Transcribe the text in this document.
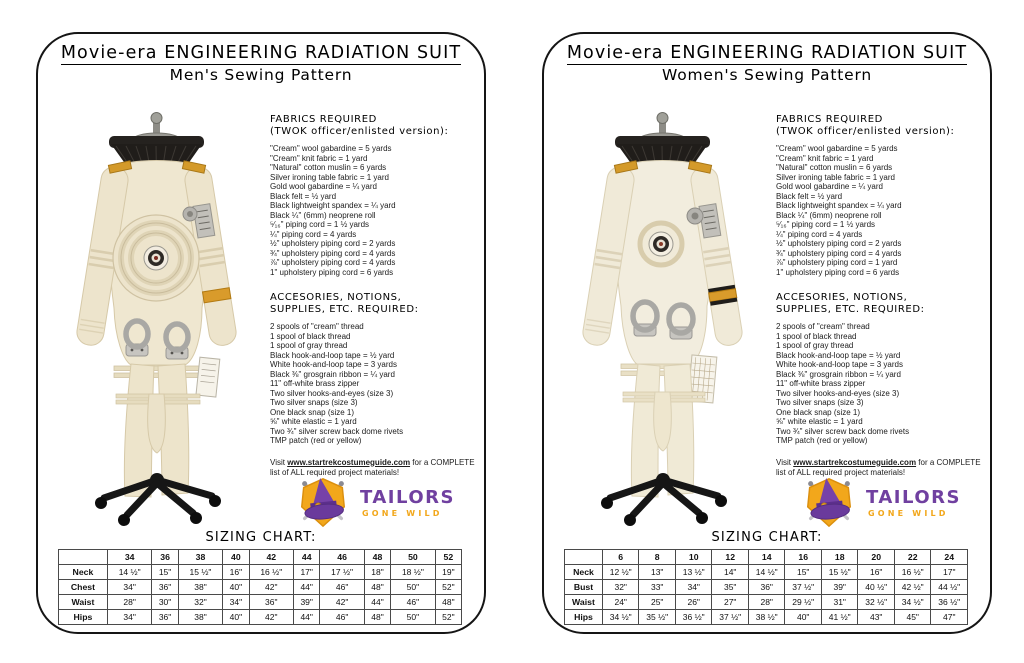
Movie-era ENGINEERING RADIATION SUIT
Men's Sewing Pattern
FABRICS REQUIRED
(TWOK officer/enlisted version):
"Cream" wool gabardine = 5 yards
"Cream" knit fabric = 1 yard
"Natural" cotton muslin = 6 yards
Silver ironing table fabric = 1 yard
Gold wool gabardine = ¼ yard
Black felt = ½ yard
Black lightweight spandex = ¼ yard
Black ¼" (6mm) neoprene roll
⁵⁄₁₆" piping cord = 1 ½ yards
¼" piping cord = 4 yards
½" upholstery piping cord = 2 yards
¾" upholstery piping cord = 4 yards
⅞" upholstery piping cord = 4 yards
1" upholstery piping cord = 6 yards
ACCESORIES, NOTIONS,
SUPPLIES, ETC. REQUIRED:
2 spools of "cream" thread
1 spool of black thread
1 spool of gray thread
Black hook-and-loop tape = ½ yard
White hook-and-loop tape = 3 yards
Black ⅜" grosgrain ribbon = ¼ yard
11" off-white brass zipper
Two silver hooks-and-eyes (size 3)
Two silver snaps (size 3)
One black snap (size 1)
⅝" white elastic = 1 yard
Two ¾" silver screw back dome rivets
TMP patch (red or yellow)
Visit www.startrekcostumeguide.com for a COMPLETE list of ALL required project materials!
TAILORS
GONE WILD
SIZING CHART:
	34	36	38	40	42	44	46	48	50	52
Neck	14 ½"	15"	15 ½"	16"	16 ½"	17"	17 ½"	18"	18 ½"	19"
Chest	34"	36"	38"	40"	42"	44"	46"	48"	50"	52"
Waist	28"	30"	32"	34"	36"	39"	42"	44"	46"	48"
Hips	34"	36"	38"	40"	42"	44"	46"	48"	50"	52"
Movie-era ENGINEERING RADIATION SUIT
Women's Sewing Pattern
FABRICS REQUIRED
(TWOK officer/enlisted version):
"Cream" wool gabardine = 5 yards
"Cream" knit fabric = 1 yard
"Natural" cotton muslin = 6 yards
Silver ironing table fabric = 1 yard
Gold wool gabardine = ¼ yard
Black felt = ½ yard
Black lightweight spandex = ¼ yard
Black ¼" (6mm) neoprene roll
⁵⁄₁₆" piping cord = 1 ½ yards
¼" piping cord = 4 yards
½" upholstery piping cord = 2 yards
¾" upholstery piping cord = 4 yards
⅞" upholstery piping cord = 1 yard
1" upholstery piping cord = 6 yards
ACCESORIES, NOTIONS,
SUPPLIES, ETC. REQUIRED:
2 spools of "cream" thread
1 spool of black thread
1 spool of gray thread
Black hook-and-loop tape = ½ yard
White hook-and-loop tape = 3 yards
Black ⅜" grosgrain ribbon = ¼ yard
11" off-white brass zipper
Two silver hooks-and-eyes (size 3)
Two silver snaps (size 3)
One black snap (size 1)
⅝" white elastic = 1 yard
Two ¾" silver screw back dome rivets
TMP patch (red or yellow)
Visit www.startrekcostumeguide.com for a COMPLETE list of ALL required project materials!
TAILORS
GONE WILD
SIZING CHART:
	6	8	10	12	14	16	18	20	22	24
Neck	12 ½"	13"	13 ½"	14"	14 ½"	15"	15 ½"	16"	16 ½"	17"
Bust	32"	33"	34"	35"	36"	37 ½"	39"	40 ½"	42 ½"	44 ½"
Waist	24"	25"	26"	27"	28"	29 ½"	31"	32 ½"	34 ½"	36 ½"
Hips	34 ½"	35 ½"	36 ½"	37 ½"	38 ½"	40"	41 ½"	43"	45"	47"
